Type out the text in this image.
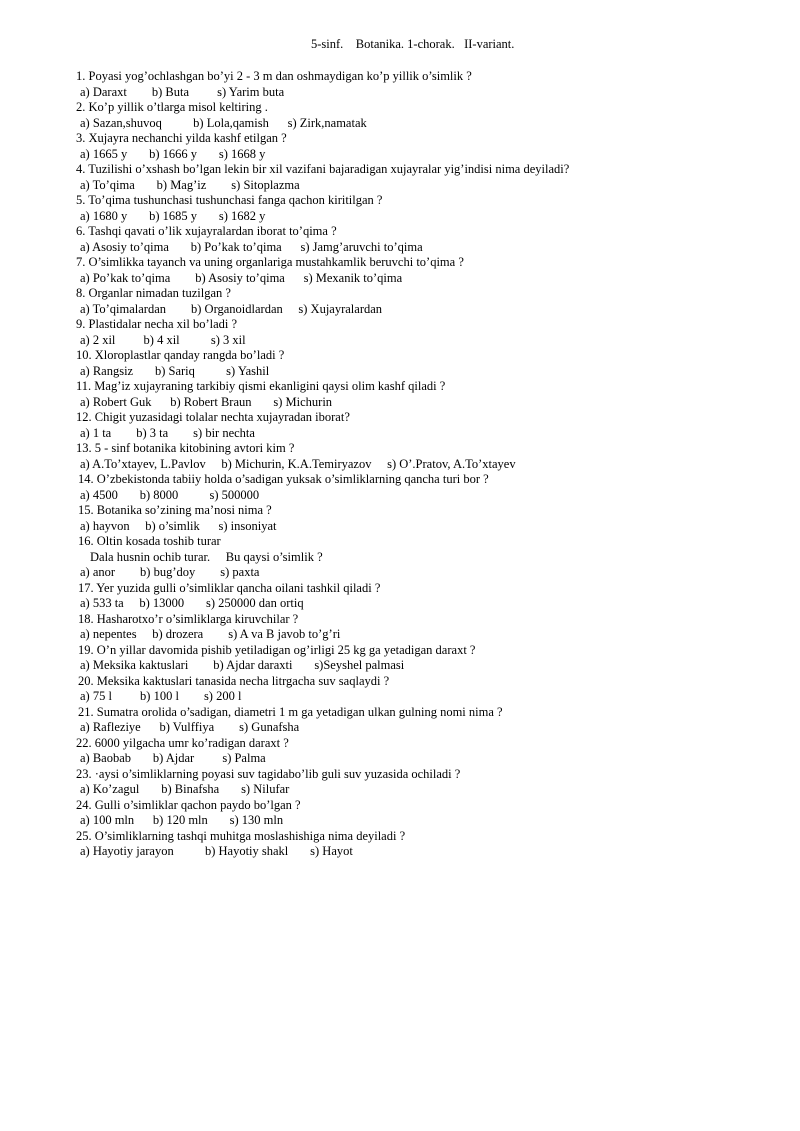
5-sinf.    Botanika. 1-chorak.   II-variant.
1. Poyasi yog’ochlashgan bo’yi 2 - 3 m dan oshmaydigan ko’p yillik o’simlik ?
a) Daraxt        b) Buta         s) Yarim buta
2. Ko’p yillik o’tlarga misol keltiring .
a) Sazan,shuvoq          b) Lola,qamish      s) Zirk,namatak
3. Xujayra nechanchi yilda kashf etilgan ?
a) 1665 y       b) 1666 y       s) 1668 y
4. Tuzilishi o’xshash bo’lgan lekin bir xil vazifani bajaradigan xujayralar yig’indisi nima deyiladi?
a) To’qima       b) Mag’iz        s) Sitoplazma
5. To’qima tushunchasi tushunchasi fanga qachon kiritilgan ?
a) 1680 y       b) 1685 y       s) 1682 y
6. Tashqi qavati o’lik xujayralardan iborat to’qima ?
a) Asosiy to’qima       b) Po’kak to’qima      s) Jamg’aruvchi to’qima
7. O’simlikka tayanch va uning organlariga mustahkamlik beruvchi to’qima ?
a) Po’kak to’qima        b) Asosiy to’qima      s) Mexanik to’qima
8. Organlar nimadan tuzilgan ?
a) To’qimalardan        b) Organoidlardan     s) Xujayralardan
9. Plastidalar necha xil bo’ladi ?
a) 2 xil         b) 4 xil          s) 3 xil
10. Xloroplastlar qanday rangda bo’ladi ?
a) Rangsiz       b) Sariq          s) Yashil
11. Mag’iz xujayraning tarkibiy qismi ekanligini qaysi olim kashf qiladi ?
a) Robert Guk      b) Robert Braun       s) Michurin
12. Chigit yuzasidagi tolalar nechta xujayradan iborat?
a) 1 ta        b) 3 ta        s) bir nechta
13. 5 - sinf botanika kitobining avtori kim ?
a) A.To’xtayev, L.Pavlov     b) Michurin, K.A.Temiryazov     s) O’.Pratov, A.To’xtayev
14. O’zbekistonda tabiiy holda o’sadigan yuksak o’simliklarning qancha turi bor ?
a) 4500       b) 8000          s) 500000
15. Botanika so’zining ma’nosi nima ?
a) hayvon     b) o’simlik      s) insoniyat
16. Oltin kosada toshib turar
Dala husnin ochib turar.     Bu qaysi o’simlik ?
a) anor        b) bug’doy        s) paxta
17. Yer yuzida gulli o’simliklar qancha oilani tashkil qiladi ?
a) 533 ta     b) 13000       s) 250000 dan ortiq
18. Hasharotxo’r o’simliklarga kiruvchilar ?
a) nepentes     b) drozera        s) A va B javob to’g’ri
19. O’n yillar davomida pishib yetiladigan og’irligi 25 kg ga yetadigan daraxt ?
a) Meksika kaktuslari        b) Ajdar daraxti       s)Seyshel palmasi
20. Meksika kaktuslari tanasida necha litrgacha suv saqlaydi ?
a) 75 l         b) 100 l        s) 200 l
21. Sumatra orolida o’sadigan, diametri 1 m ga yetadigan ulkan gulning nomi nima ?
a) Rafleziye      b) Vulffiya        s) Gunafsha
22. 6000 yilgacha umr ko’radigan daraxt ?
a) Baobab       b) Ajdar         s) Palma
23. ·aysi o’simliklarning poyasi suv tagidabo’lib guli suv yuzasida ochiladi ?
a) Ko’zagul       b) Binafsha       s) Nilufar
24. Gulli o’simliklar qachon paydo bo’lgan ?
a) 100 mln      b) 120 mln       s) 130 mln
25. O’simliklarning tashqi muhitga moslashishiga nima deyiladi ?
a) Hayotiy jarayon          b) Hayotiy shakl       s) Hayot
